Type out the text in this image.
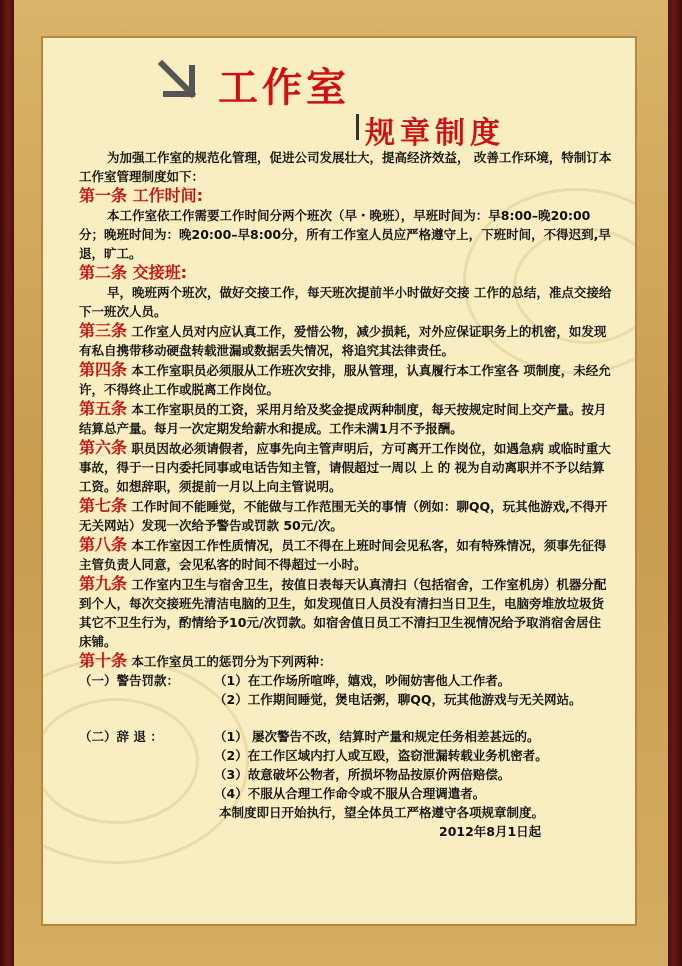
工作室
规章制度

为加强工作室的规范化管理，促进公司发展壮大，提高经济效益， 改善工作环境，特制订本工作室管理制度如下：

第一条 工作时间:

本工作室依工作需要工作时间分两个班次（早・晚班），早班时间为：早8:00–晚20:00分；晚班时间为：晚20:00–早8:00分，所有工作室人员应严格遵守上，下班时间，不得迟到,早退，旷工。

第二条 交接班:

早，晚班两个班次，做好交接工作，每天班次提前半小时做好交接 工作的总结，准点交接给下一班次人员。

第三条 工作室人员对内应认真工作，爱惜公物，减少损耗，对外应保证职务上的机密，如发现有私自携带移动硬盘转载泄漏或数据丢失情况，将追究其法律责任。

第四条 本工作室职员必须服从工作班次安排，服从管理，认真履行本工作室各 项制度，未经允许，不得终止工作或脱离工作岗位。

第五条 本工作室职员的工资，采用月给及奖金提成两种制度，每天按规定时间上交产量。按月结算总产量。每月一次定期发给薪水和提成。工作未满1月不予报酬。

第六条 职员因故必须请假者，应事先向主管声明后，方可离开工作岗位，如遇急病 或临时重大事故，得于一日内委托同事或电话告知主管，请假超过一周以 上 的 视为自动离职并不予以结算工资。如想辞职，须提前一月以上向主管说明。

第七条 工作时间不能睡觉，不能做与工作范围无关的事情（例如：聊QQ，玩其他游戏,不得开无关网站）发现一次给予警告或罚款 50元/次。

第八条 本工作室因工作性质情况，员工不得在上班时间会见私客，如有特殊情况，须事先征得主管负责人同意，会见私客的时间不得超过一小时。

第九条 工作室内卫生与宿舍卫生，按值日表每天认真清扫（包括宿舍，工作室机房）机器分配到个人，每次交接班先清洁电脑的卫生，如发现值日人员没有清扫当日卫生，电脑旁堆放垃圾货其它不卫生行为，酌情给予10元/次罚款。如宿舍值日员工不清扫卫生视情况给予取消宿舍居住床铺。

第十条 本工作室员工的惩罚分为下列两种：

（一）警告罚款：	（1）在工作场所喧哗，嬉戏，吵闹妨害他人工作者。
（2）工作期间睡觉，煲电话粥，聊QQ，玩其他游戏与无关网站。
（二）辞 退 ：	（1） 屡次警告不改，结算时产量和规定任务相差甚远的。
（2）在工作区域内打人或互殴，盗窃泄漏转载业务机密者。
（3）故意破坏公物者，所损坏物品按原价两倍赔偿。
（4）不服从合理工作命令或不服从合理调遣者。

本制度即日开始执行，望全体员工严格遵守各项规章制度。

2012年8月1日起
